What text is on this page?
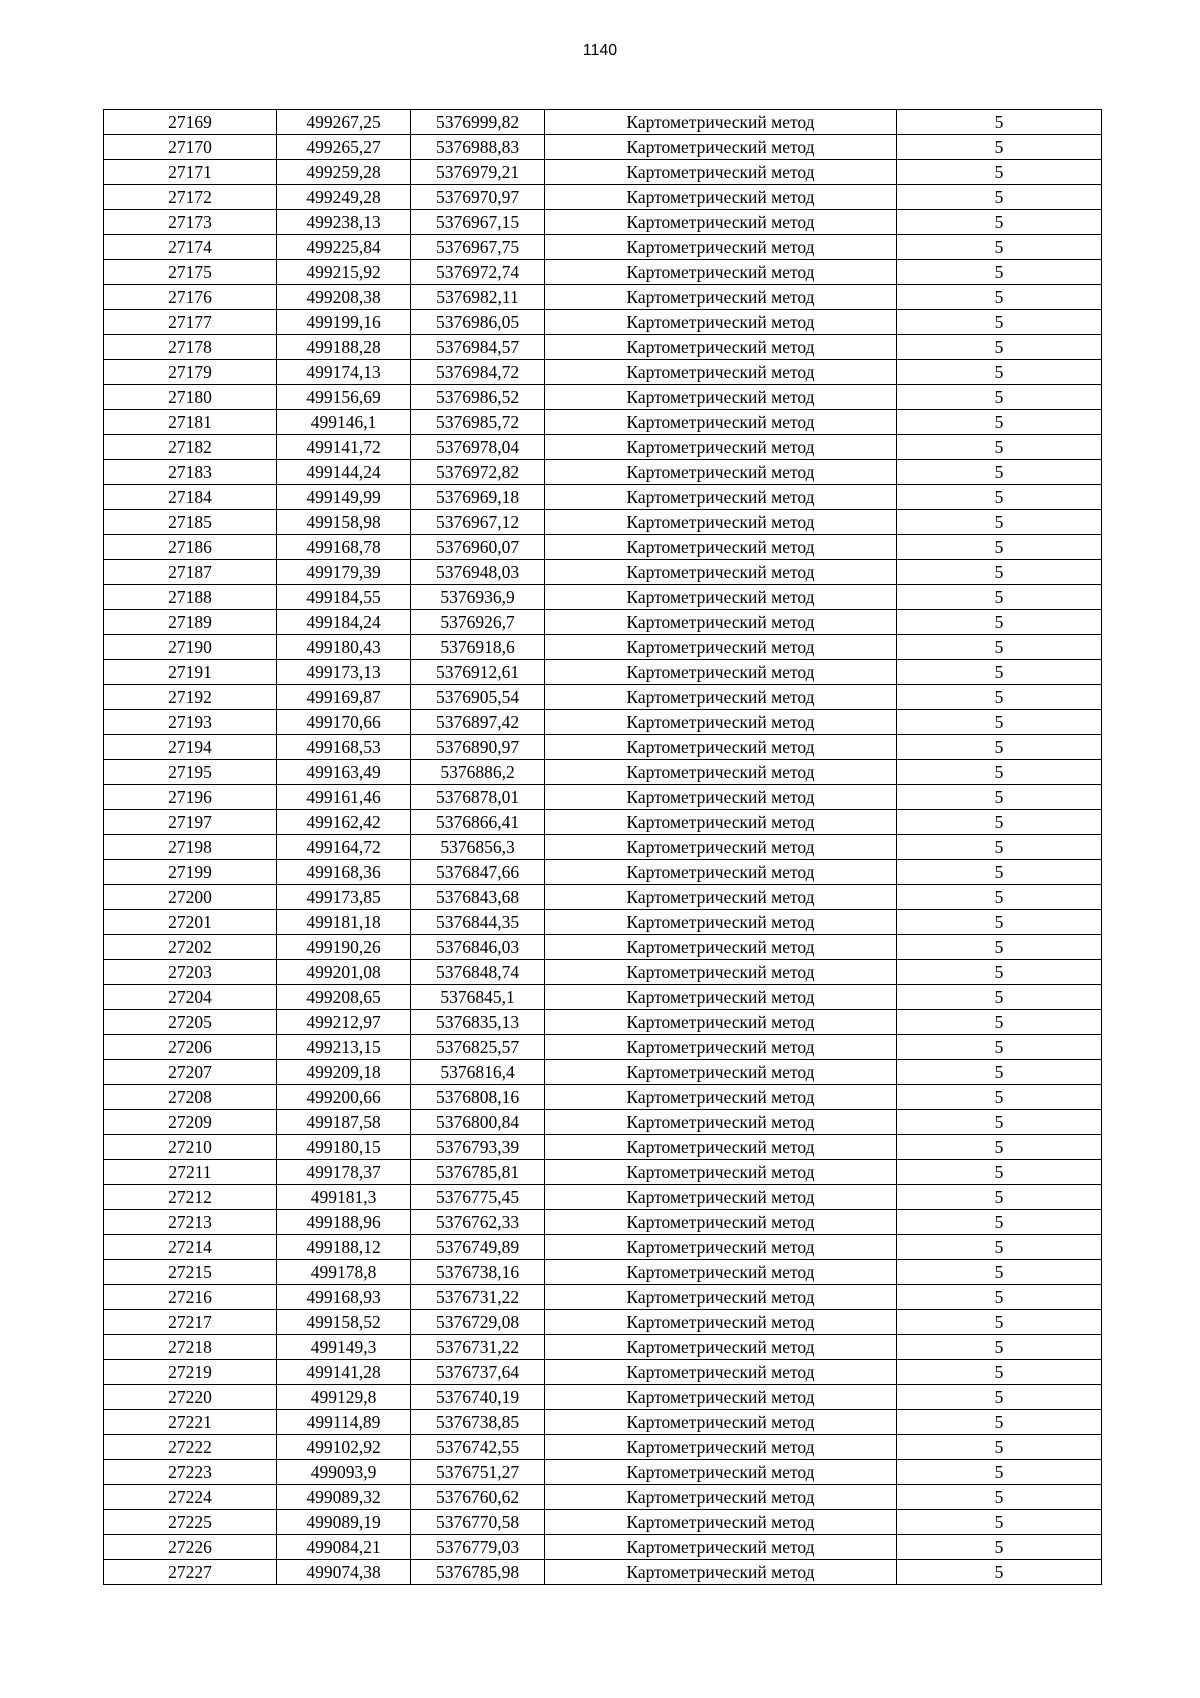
1140
27169	499267,25	5376999,82	Картометрический метод	5
27170	499265,27	5376988,83	Картометрический метод	5
27171	499259,28	5376979,21	Картометрический метод	5
27172	499249,28	5376970,97	Картометрический метод	5
27173	499238,13	5376967,15	Картометрический метод	5
27174	499225,84	5376967,75	Картометрический метод	5
27175	499215,92	5376972,74	Картометрический метод	5
27176	499208,38	5376982,11	Картометрический метод	5
27177	499199,16	5376986,05	Картометрический метод	5
27178	499188,28	5376984,57	Картометрический метод	5
27179	499174,13	5376984,72	Картометрический метод	5
27180	499156,69	5376986,52	Картометрический метод	5
27181	499146,1	5376985,72	Картометрический метод	5
27182	499141,72	5376978,04	Картометрический метод	5
27183	499144,24	5376972,82	Картометрический метод	5
27184	499149,99	5376969,18	Картометрический метод	5
27185	499158,98	5376967,12	Картометрический метод	5
27186	499168,78	5376960,07	Картометрический метод	5
27187	499179,39	5376948,03	Картометрический метод	5
27188	499184,55	5376936,9	Картометрический метод	5
27189	499184,24	5376926,7	Картометрический метод	5
27190	499180,43	5376918,6	Картометрический метод	5
27191	499173,13	5376912,61	Картометрический метод	5
27192	499169,87	5376905,54	Картометрический метод	5
27193	499170,66	5376897,42	Картометрический метод	5
27194	499168,53	5376890,97	Картометрический метод	5
27195	499163,49	5376886,2	Картометрический метод	5
27196	499161,46	5376878,01	Картометрический метод	5
27197	499162,42	5376866,41	Картометрический метод	5
27198	499164,72	5376856,3	Картометрический метод	5
27199	499168,36	5376847,66	Картометрический метод	5
27200	499173,85	5376843,68	Картометрический метод	5
27201	499181,18	5376844,35	Картометрический метод	5
27202	499190,26	5376846,03	Картометрический метод	5
27203	499201,08	5376848,74	Картометрический метод	5
27204	499208,65	5376845,1	Картометрический метод	5
27205	499212,97	5376835,13	Картометрический метод	5
27206	499213,15	5376825,57	Картометрический метод	5
27207	499209,18	5376816,4	Картометрический метод	5
27208	499200,66	5376808,16	Картометрический метод	5
27209	499187,58	5376800,84	Картометрический метод	5
27210	499180,15	5376793,39	Картометрический метод	5
27211	499178,37	5376785,81	Картометрический метод	5
27212	499181,3	5376775,45	Картометрический метод	5
27213	499188,96	5376762,33	Картометрический метод	5
27214	499188,12	5376749,89	Картометрический метод	5
27215	499178,8	5376738,16	Картометрический метод	5
27216	499168,93	5376731,22	Картометрический метод	5
27217	499158,52	5376729,08	Картометрический метод	5
27218	499149,3	5376731,22	Картометрический метод	5
27219	499141,28	5376737,64	Картометрический метод	5
27220	499129,8	5376740,19	Картометрический метод	5
27221	499114,89	5376738,85	Картометрический метод	5
27222	499102,92	5376742,55	Картометрический метод	5
27223	499093,9	5376751,27	Картометрический метод	5
27224	499089,32	5376760,62	Картометрический метод	5
27225	499089,19	5376770,58	Картометрический метод	5
27226	499084,21	5376779,03	Картометрический метод	5
27227	499074,38	5376785,98	Картометрический метод	5
